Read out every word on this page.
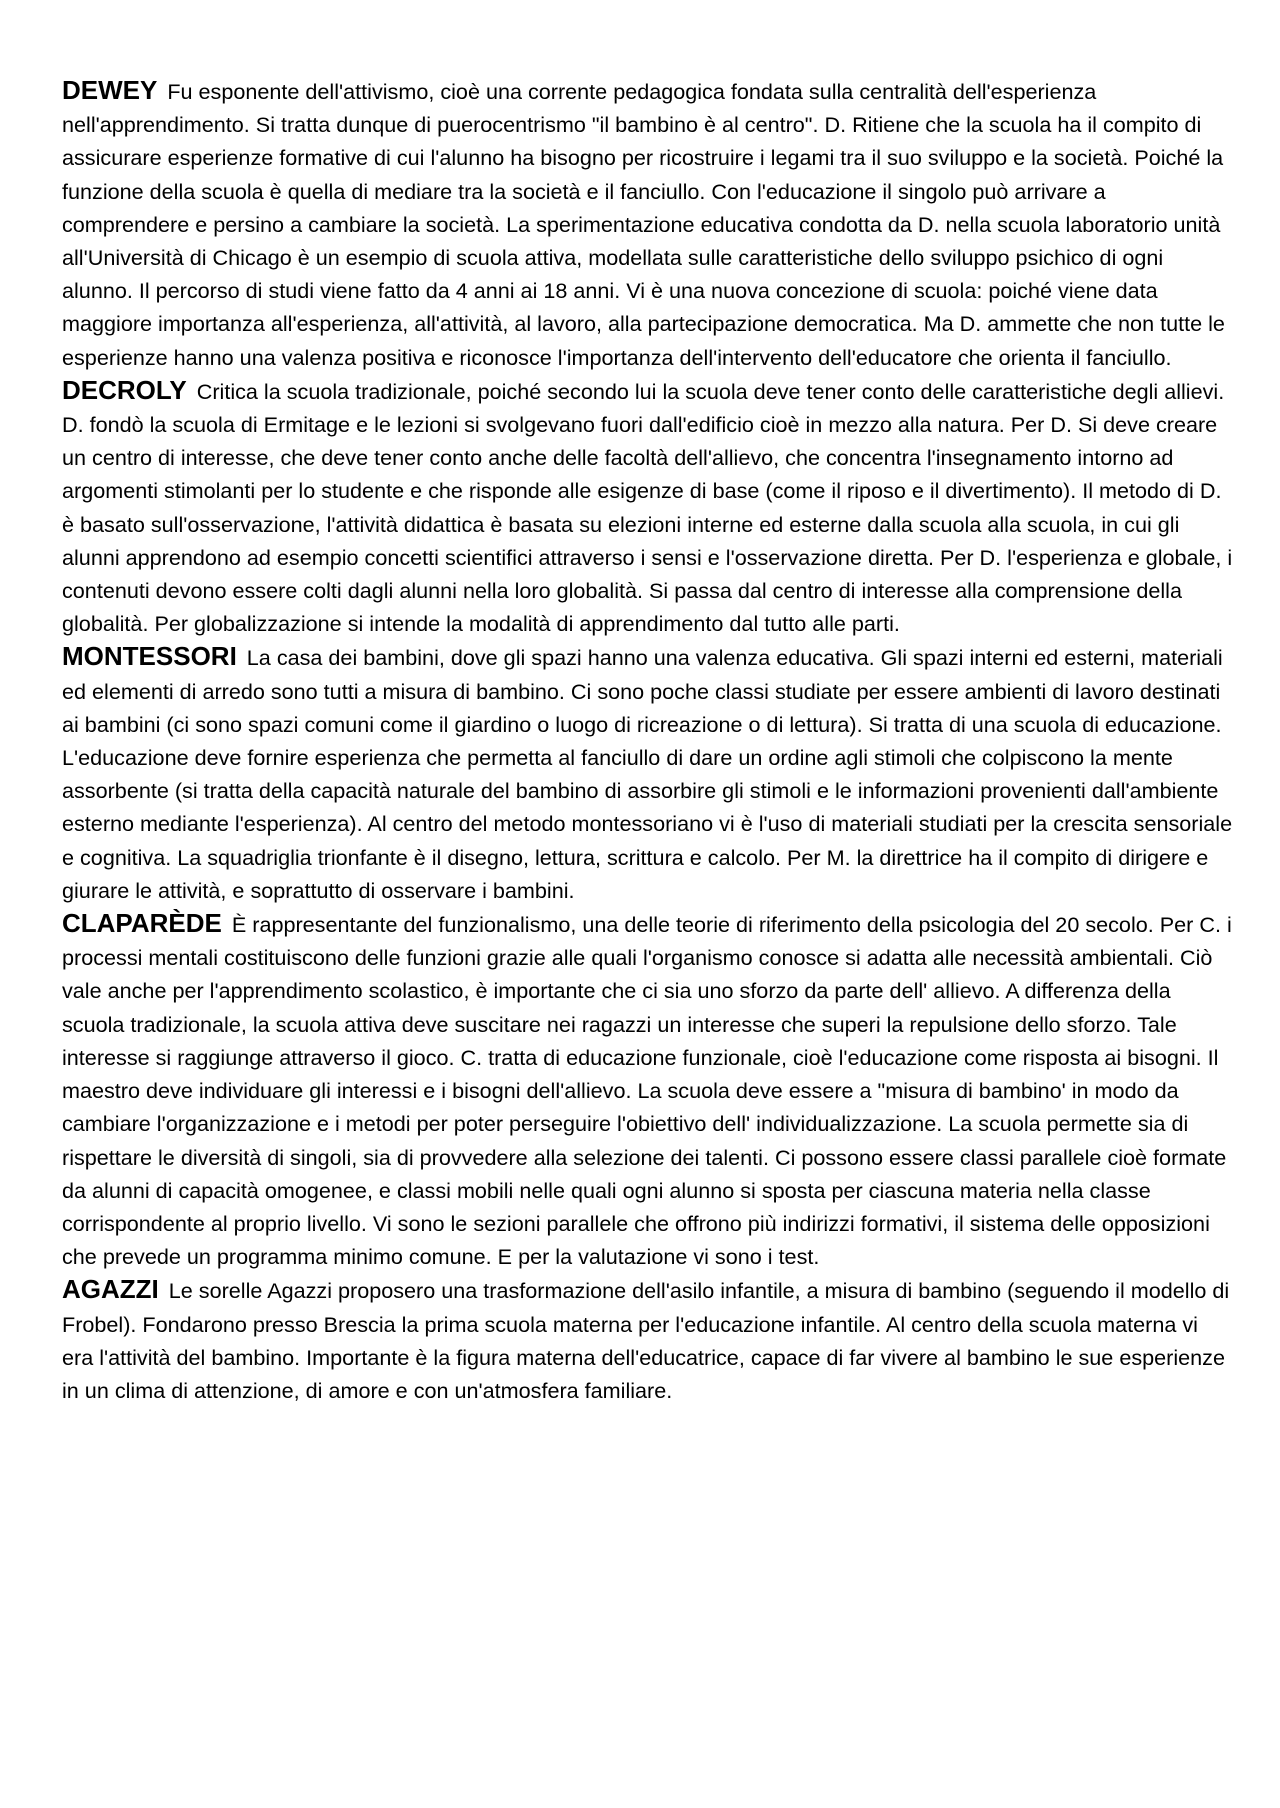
DEWEY Fu esponente dell'attivismo, cioè una corrente pedagogica fondata sulla centralità dell'esperienza nell'apprendimento. Si tratta dunque di puerocentrismo "il bambino è al centro". D. Ritiene che la scuola ha il compito di assicurare esperienze formative di cui l'alunno ha bisogno per ricostruire i legami tra il suo sviluppo e la società. Poiché la funzione della scuola è quella di mediare tra la società e il fanciullo. Con l'educazione il singolo può arrivare a comprendere e persino a cambiare la società. La sperimentazione educativa condotta da D. nella scuola laboratorio unità all'Università di Chicago è un esempio di scuola attiva, modellata sulle caratteristiche dello sviluppo psichico di ogni alunno. Il percorso di studi viene fatto da 4 anni ai 18 anni. Vi è una nuova concezione di scuola: poiché viene data maggiore importanza all'esperienza, all'attività, al lavoro, alla partecipazione democratica. Ma D. ammette che non tutte le esperienze hanno una valenza positiva e riconosce l'importanza dell'intervento dell'educatore che orienta il fanciullo.

DECROLY Critica la scuola tradizionale, poiché secondo lui la scuola deve tener conto delle caratteristiche degli allievi. D. fondò la scuola di Ermitage e le lezioni si svolgevano fuori dall'edificio cioè in mezzo alla natura. Per D. Si deve creare un centro di interesse, che deve tener conto anche delle facoltà dell'allievo, che concentra l'insegnamento intorno ad argomenti stimolanti per lo studente e che risponde alle esigenze di base (come il riposo e il divertimento). Il metodo di D. è basato sull'osservazione, l'attività didattica è basata su elezioni interne ed esterne dalla scuola alla scuola, in cui gli alunni apprendono ad esempio concetti scientifici attraverso i sensi e l'osservazione diretta. Per D. l'esperienza e globale, i contenuti devono essere colti dagli alunni nella loro globalità. Si passa dal centro di interesse alla comprensione della globalità. Per globalizzazione si intende la modalità di apprendimento dal tutto alle parti.

MONTESSORI La casa dei bambini, dove gli spazi hanno una valenza educativa. Gli spazi interni ed esterni, materiali ed elementi di arredo sono tutti a misura di bambino. Ci sono poche classi studiate per essere ambienti di lavoro destinati ai bambini (ci sono spazi comuni come il giardino o luogo di ricreazione o di lettura). Si tratta di una scuola di educazione. L'educazione deve fornire esperienza che permetta al fanciullo di dare un ordine agli stimoli che colpiscono la mente assorbente (si tratta della capacità naturale del bambino di assorbire gli stimoli e le informazioni provenienti dall'ambiente esterno mediante l'esperienza). Al centro del metodo montessoriano vi è l'uso di materiali studiati per la crescita sensoriale e cognitiva. La squadriglia trionfante è il disegno, lettura, scrittura e calcolo. Per M. la direttrice ha il compito di dirigere e giurare le attività, e soprattutto di osservare i bambini.

CLAPARÈDE È rappresentante del funzionalismo, una delle teorie di riferimento della psicologia del 20 secolo. Per C. i processi mentali costituiscono delle funzioni grazie alle quali l'organismo conosce si adatta alle necessità ambientali. Ciò vale anche per l'apprendimento scolastico, è importante che ci sia uno sforzo da parte dell' allievo. A differenza della scuola tradizionale, la scuola attiva deve suscitare nei ragazzi un interesse che superi la repulsione dello sforzo. Tale interesse si raggiunge attraverso il gioco. C. tratta di educazione funzionale, cioè l'educazione come risposta ai bisogni. Il maestro deve individuare gli interessi e i bisogni dell'allievo. La scuola deve essere a "misura di bambino' in modo da cambiare l'organizzazione e i metodi per poter perseguire l'obiettivo dell' individualizzazione. La scuola permette sia di rispettare le diversità di singoli, sia di provvedere alla selezione dei talenti. Ci possono essere classi parallele cioè formate da alunni di capacità omogenee, e classi mobili nelle quali ogni alunno si sposta per ciascuna materia nella classe corrispondente al proprio livello. Vi sono le sezioni parallele che offrono più indirizzi formativi, il sistema delle opposizioni che prevede un programma minimo comune. E per la valutazione vi sono i test.

AGAZZI Le sorelle Agazzi proposero una trasformazione dell'asilo infantile, a misura di bambino (seguendo il modello di Frobel). Fondarono presso Brescia la prima scuola materna per l'educazione infantile. Al centro della scuola materna vi era l'attività del bambino. Importante è la figura materna dell'educatrice, capace di far vivere al bambino le sue esperienze in un clima di attenzione, di amore e con un'atmosfera familiare.
